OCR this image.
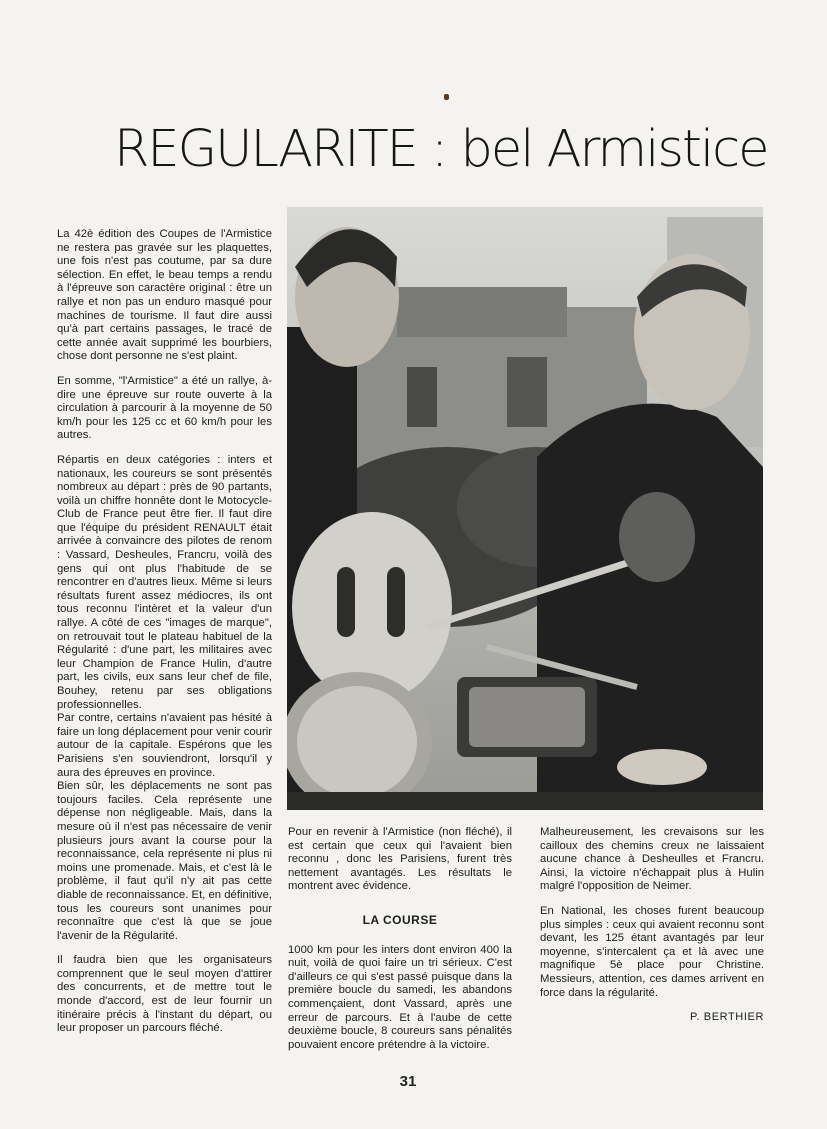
REGULARITE : bel Armistice

La 42è édition des Coupes de l'Armistice ne restera pas gravée sur les plaquettes, une fois n'est pas coutume, par sa dure sélection. En effet, le beau temps a rendu à l'épreuve son caractère original : être un rallye et non pas un enduro masqué pour machines de tourisme. Il faut dire aussi qu'à part certains passages, le tracé de cette année avait supprimé les bourbiers, chose dont personne ne s'est plaint.

En somme, "l'Armistice" a été un rallye, à-dire une épreuve sur route ouverte à la circulation à parcourir à la moyenne de 50 km/h pour les 125 cc et 60 km/h pour les autres.

Répartis en deux catégories : inters et nationaux, les coureurs se sont présentés nombreux au départ : près de 90 partants, voilà un chiffre honnête dont le Motocycle-Club de France peut être fier. Il faut dire que l'équipe du président RENAULT était arrivée à convaincre des pilotes de renom : Vassard, Desheules, Francru, voilà des gens qui ont plus l'habitude de se rencontrer en d'autres lieux. Même si leurs résultats furent assez médiocres, ils ont tous reconnu l'intèret et la valeur d'un rallye. A côté de ces "images de marque", on retrouvait tout le plateau habituel de la Régularité : d'une part, les militaires avec leur Champion de France Hulin, d'autre part, les civils, eux sans leur chef de file, Bouhey, retenu par ses obligations professionnelles.

Par contre, certains n'avaient pas hésité à faire un long déplacement pour venir courir autour de la capitale. Espérons que les Parisiens s'en souviendront, lorsqu'il y aura des épreuves en province.

Bien sûr, les déplacements ne sont pas toujours faciles. Cela représente une dépense non négligeable. Mais, dans la mesure où il n'est pas nécessaire de venir plusieurs jours avant la course pour la reconnaissance, cela représente ni plus ni moins une promenade. Mais, et c'est là le problème, il faut qu'il n'y ait pas cette diable de reconnaissance. Et, en définitive, tous les coureurs sont unanimes pour reconnaître que c'est là que se joue l'avenir de la Régularité.

Il faudra bien que les organisateurs comprennent que le seul moyen d'attirer des concurrents, et de mettre tout le monde d'accord, est de leur fournir un itinéraire précis à l'instant du départ, ou leur proposer un parcours fléché.

Pour en revenir à l'Armistice (non fléché), il est certain que ceux qui l'avaient bien reconnu , donc les Parisiens, furent très nettement avantagés. Les résultats le montrent avec évidence.

LA COURSE

1000 km pour les inters dont environ 400 la nuit, voilà de quoi faire un tri sérieux. C'est d'ailleurs ce qui s'est passé puisque dans la première boucle du samedi, les abandons commençaient, dont Vassard, après une erreur de parcours. Et à l'aube de cette deuxième boucle, 8 coureurs sans pénalités pouvaient encore prétendre à la victoire.

Malheureusement, les crevaisons sur les cailloux des chemins creux ne laissaient aucune chance à Desheulles et Francru. Ainsi, la victoire n'échappait plus à Hulin malgré l'opposition de Neimer.

En National, les choses furent beaucoup plus simples : ceux qui avaient reconnu sont devant, les 125 étant avantagés par leur moyenne, s'intercalent ça et là avec une magnifique 5è place pour Christine. Messieurs, attention, ces dames arrivent en force dans la régularité.

P. BERTHIER
31
